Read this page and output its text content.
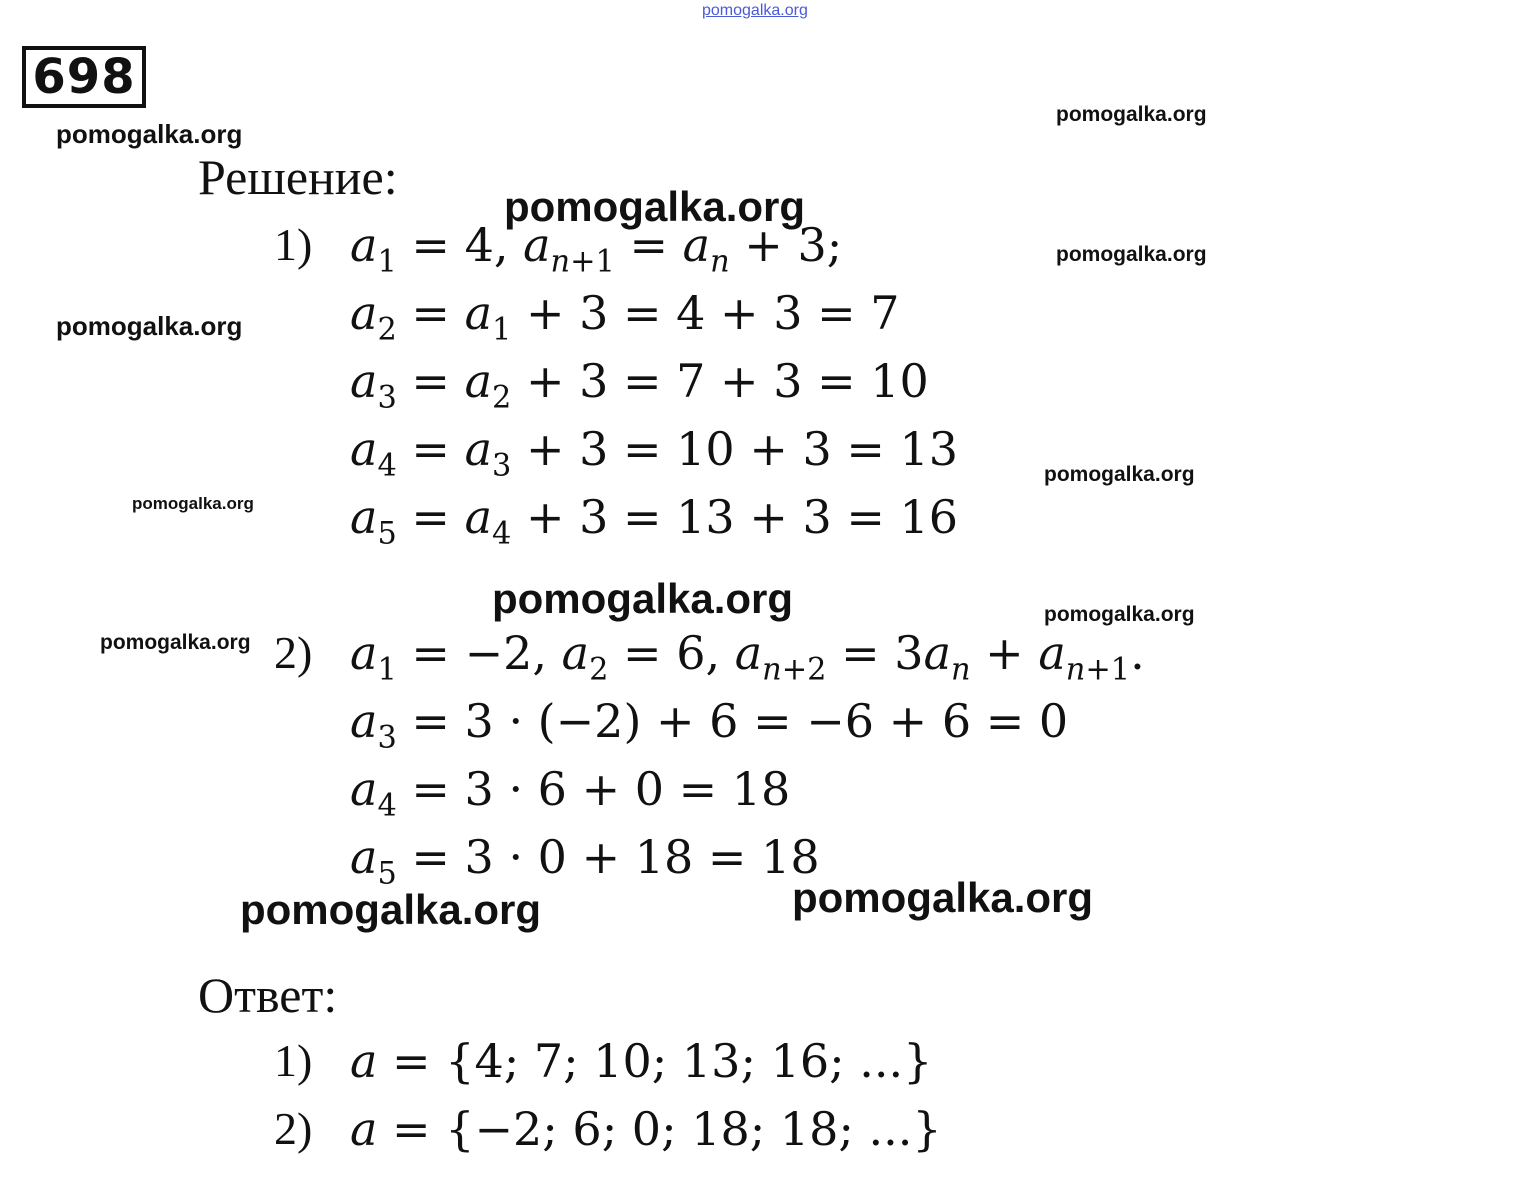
pomogalka.org
pomogalka.org
pomogalka.org
pomogalka.org
pomogalka.org
pomogalka.org
pomogalka.org
pomogalka.org
pomogalka.org	pomogalka.org
pomogalka.org
pomogalka.org	pomogalka.org
698
Решение:
1) $a_1 = 4$, $a_{n+1} = a_n + 3$;
$a_2 = a_1 + 3 = 4 + 3 = 7$
$a_3 = a_2 + 3 = 7 + 3 = 10$
$a_4 = a_3 + 3 = 10 + 3 = 13$
$a_5 = a_4 + 3 = 13 + 3 = 16$
2) $a_1 = -2$, $a_2 = 6$, $a_{n+2} = 3a_n + a_{n+1}$.
$a_3 = 3 \cdot (-2) + 6 = -6 + 6 = 0$
$a_4 = 3 \cdot 6 + 0 = 18$
$a_5 = 3 \cdot 0 + 18 = 18$
Ответ:
1) a = {4; 7; 10; 13; 16; ...}
2) a = {−2; 6; 0; 18; 18; ...}
